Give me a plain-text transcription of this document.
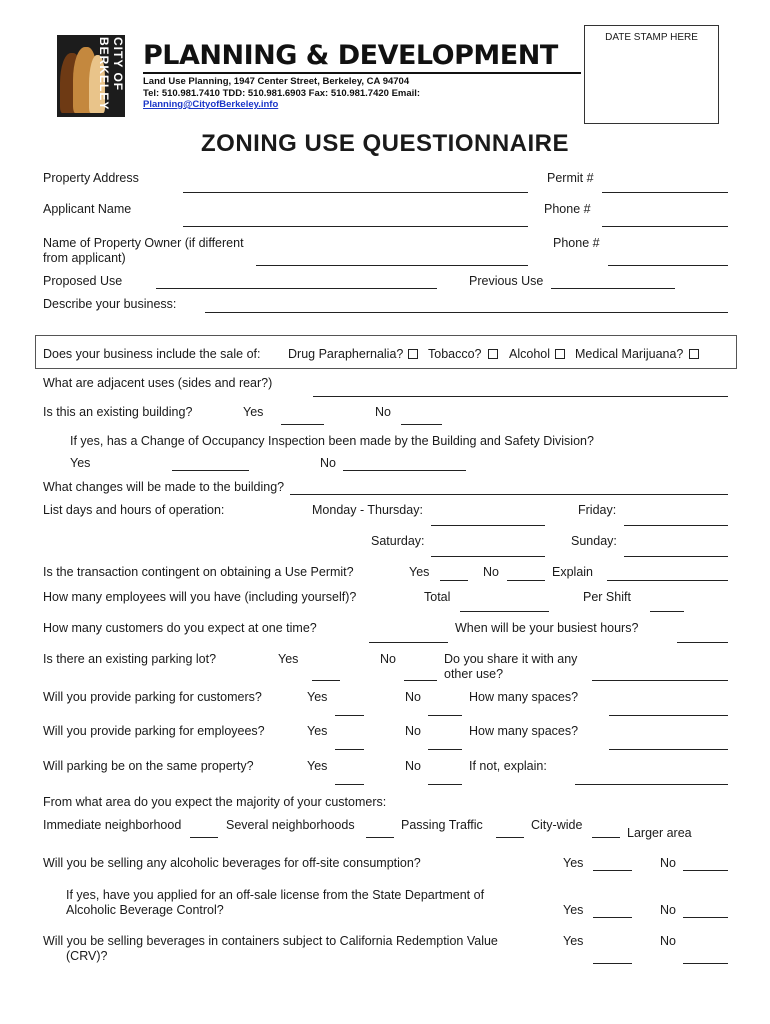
CITY OF BERKELEY	PLANNING & DEVELOPMENT
Land Use Planning, 1947 Center Street, Berkeley, CA 94704
Tel: 510.981.7410 TDD: 510.981.6903 Fax: 510.981.7420 Email:
Planning@CityofBerkeley.info
DATE STAMP HERE
ZONING USE QUESTIONNAIRE
Property Address	Permit #
Applicant Name	Phone #
Name of Property Owner (if different
from applicant)
Phone #
Proposed Use	Previous Use
Describe your business:
Does your business include the sale of: Drug Paraphernalia? Tobacco? Alcohol Medical Marijuana?
What are adjacent uses (sides and rear?)
Is this an existing building?	Yes	No
If yes, has a Change of Occupancy Inspection been made by the Building and Safety Division?
Yes	No
What changes will be made to the building?
List days and hours of operation:	Monday - Thursday:	Friday:
Saturday:	Sunday:
Is the transaction contingent on obtaining a Use Permit?	Yes	No	Explain
How many employees will you have (including yourself)?	Total	Per Shift
How many customers do you expect at one time?	When will be your busiest hours?
Is there an existing parking lot?	Yes	No	Do you share it with any
other use?
Will you provide parking for customers?	Yes	No	How many spaces?
Will you provide parking for employees?	Yes	No	How many spaces?
Will parking be on the same property?	Yes	No	If not, explain:
From what area do you expect the majority of your customers:
Immediate neighborhood	Several neighborhoods	Passing Traffic	City-wide
Larger area
Will you be selling any alcoholic beverages for off-site consumption?	Yes	No
If yes, have you applied for an off-sale license from the State Department of
Alcoholic Beverage Control?	Yes	No
Will you be selling beverages in containers subject to California Redemption Value
(CRV)?
Yes	No
